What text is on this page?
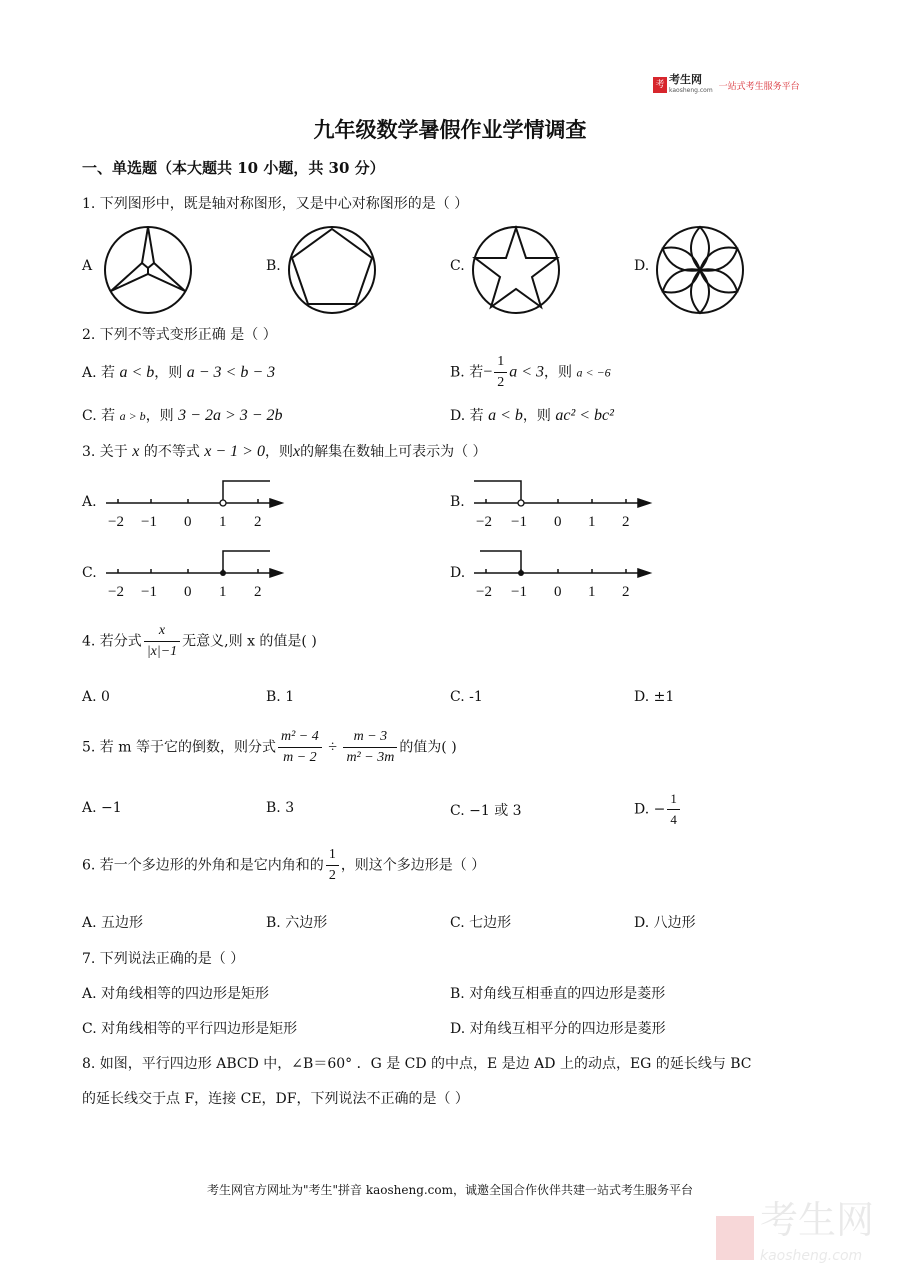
考 考生网
kaosheng.com 一站式考生服务平台
九年级数学暑假作业学情调查
一、单选题（本大题共 10 小题，共 30 分）
1. 下列图形中，既是轴对称图形，又是中心对称图形的是（ ）
A	B.	C.	D.
2. 下列不等式变形正确 是（ ）
A. 若 a < b，则 a − 3 < b − 3	B. 若− $\frac{1}{2}$ a < 3，则 a < −6
C. 若 a > b，则 3 − 2a > 3 − 2b	D. 若 a < b，则 ac² < bc²
3. 关于 x 的不等式 x − 1 > 0，则x的解集在数轴上可表示为（ ）
A.	B.
C.	D.
−2 −1 0 1 2	−2 −1 0 1 2
−2 −1 0 1 2	−2 −1 0 1 2
4. 若分式 $\frac{x}{|x|-1}$ 无意义,则 x 的值是( )
A. 0	B. 1	C. -1	D. ±1
5. 若 m 等于它的倒数，则分式 $\frac{\text{m² − 4}}{m - 2} \div \frac{m - 3}{\text{m² − 3m}}$ 的值为( )
A. −1	B. 3	C. −1 或 3	D. − $\frac{1}{4}$
6. 若一个多边形的外角和是它内角和的 $\frac{1}{2}$ ，则这个多边形是（ ）
A. 五边形	B. 六边形	C. 七边形	D. 八边形
7. 下列说法正确的是（ ）
A. 对角线相等的四边形是矩形	B. 对角线互相垂直的四边形是菱形
C. 对角线相等的平行四边形是矩形	D. 对角线互相平分的四边形是菱形
8. 如图，平行四边形 ABCD 中，∠B＝60° ．G 是 CD 的中点，E 是边 AD 上的动点，EG 的延长线与 BC
的延长线交于点 F，连接 CE，DF，下列说法不正确的是（ ）
考生网官方网址为"考生"拼音 kaosheng.com，诚邀全国合作伙伴共建一站式考生服务平台
考生网
kaosheng.com
